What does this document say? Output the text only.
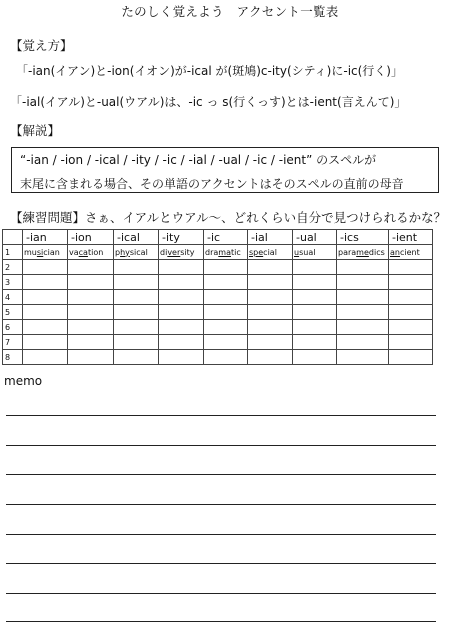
たのしく覚えよう　アクセント一覧表
【覚え方】
「-ian(イアン)と-ion(イオン)が-ical が(斑鳩)c-ity(シティ)に-ic(行く)」
「-ial(イアル)と-ual(ウアル)は、-ic っ s(行くっす)とは-ient(言えんて)」
【解説】
“-ian / -ion / -ical / -ity / -ic / -ial / -ual / -ic / -ient” のスペルが
末尾に含まれる場合、その単語のアクセントはそのスペルの直前の母音
【練習問題】さぁ、イアルとウアル〜、どれくらい自分で見つけられるかな？
	-ian	-ion	-ical	-ity	-ic	-ial	-ual	-ics	-ient
1	musician	vacation	physical	diversity	dramatic	special	usual	paramedics	ancient
2									
3									
4									
5									
6									
7									
8									
memo
